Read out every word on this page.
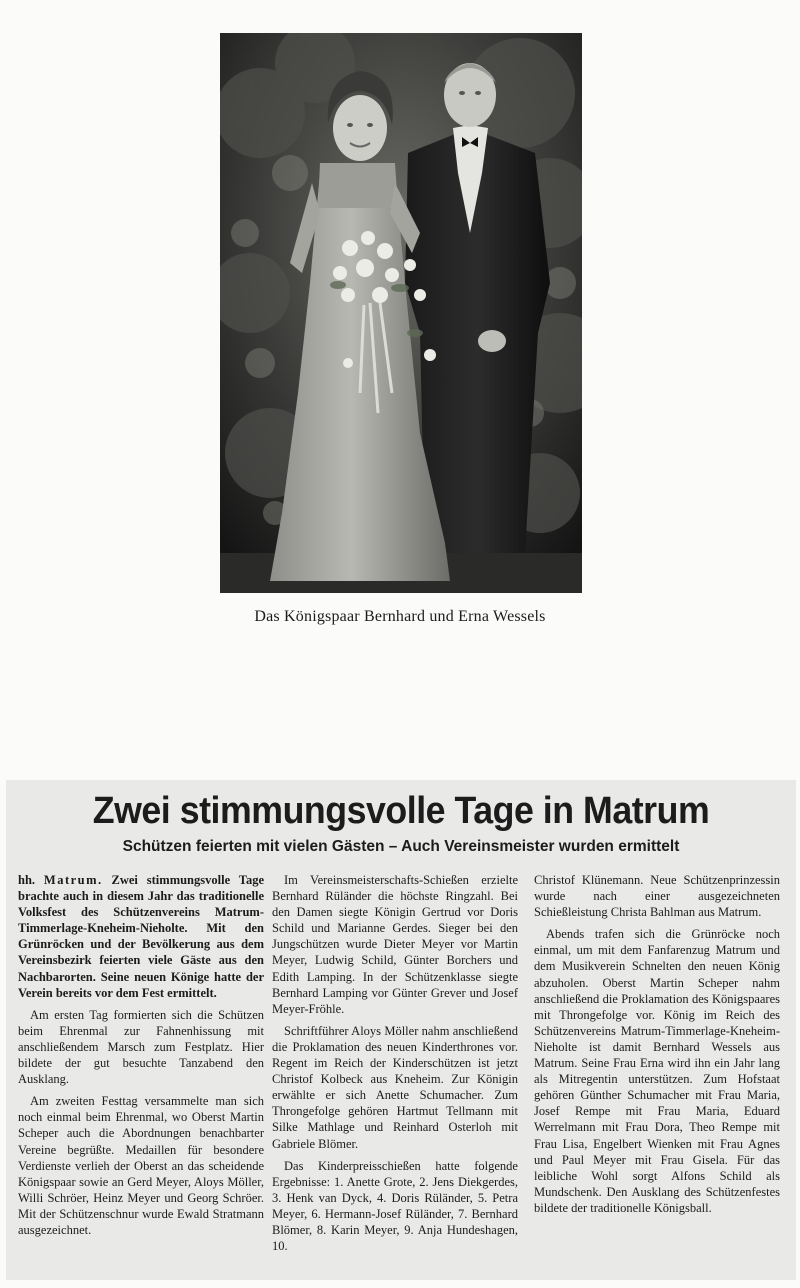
Das Königspaar Bernhard und Erna Wessels
Zwei stimmungsvolle Tage in Matrum
Schützen feierten mit vielen Gästen – Auch Vereinsmeister wurden ermittelt

hh. Matrum. Zwei stimmungsvolle Tage brachte auch in diesem Jahr das traditionelle Volksfest des Schützenvereins Matrum-Timmerlage-Kneheim-Nieholte. Mit den Grünröcken und der Bevölkerung aus dem Vereinsbezirk feierten viele Gäste aus den Nachbarorten. Seine neuen Könige hatte der Verein bereits vor dem Fest ermittelt.

Am ersten Tag formierten sich die Schützen beim Ehrenmal zur Fahnenhissung mit anschließendem Marsch zum Festplatz. Hier bildete der gut besuchte Tanzabend den Ausklang.

Am zweiten Festtag versammelte man sich noch einmal beim Ehrenmal, wo Oberst Martin Scheper auch die Abordnungen benachbarter Vereine begrüßte. Medaillen für besondere Verdienste verlieh der Oberst an das scheidende Königspaar sowie an Gerd Meyer, Aloys Möller, Willi Schröer, Heinz Meyer und Georg Schröer. Mit der Schützenschnur wurde Ewald Stratmann ausgezeichnet.

Im Vereinsmeisterschafts-Schießen erzielte Bernhard Rüländer die höchste Ringzahl. Bei den Damen siegte Königin Gertrud vor Doris Schild und Marianne Gerdes. Sieger bei den Jungschützen wurde Dieter Meyer vor Martin Meyer, Ludwig Schild, Günter Borchers und Edith Lamping. In der Schützenklasse siegte Bernhard Lamping vor Günter Grever und Josef Meyer-Fröhle.

Schriftführer Aloys Möller nahm anschließend die Proklamation des neuen Kinderthrones vor. Regent im Reich der Kinderschützen ist jetzt Christof Kolbeck aus Kneheim. Zur Königin erwählte er sich Anette Schumacher. Zum Throngefolge gehören Hartmut Tellmann mit Silke Mathlage und Reinhard Osterloh mit Gabriele Blömer.

Das Kinderpreisschießen hatte folgende Ergebnisse: 1. Anette Grote, 2. Jens Diekgerdes, 3. Henk van Dyck, 4. Doris Rüländer, 5. Petra Meyer, 6. Hermann-Josef Rüländer, 7. Bernhard Blömer, 8. Karin Meyer, 9. Anja Hundeshagen, 10.

Christof Klünemann. Neue Schützenprinzessin wurde nach einer ausgezeichneten Schießleistung Christa Bahlman aus Matrum.

Abends trafen sich die Grünröcke noch einmal, um mit dem Fanfarenzug Matrum und dem Musikverein Schnelten den neuen König abzuholen. Oberst Martin Scheper nahm anschließend die Proklamation des Königspaares mit Throngefolge vor. König im Reich des Schützenvereins Matrum-Timmerlage-Kneheim-Nieholte ist damit Bernhard Wessels aus Matrum. Seine Frau Erna wird ihn ein Jahr lang als Mitregentin unterstützen. Zum Hofstaat gehören Günther Schumacher mit Frau Maria, Josef Rempe mit Frau Maria, Eduard Werrelmann mit Frau Dora, Theo Rempe mit Frau Lisa, Engelbert Wienken mit Frau Agnes und Paul Meyer mit Frau Gisela. Für das leibliche Wohl sorgt Alfons Schild als Mundschenk. Den Ausklang des Schützenfestes bildete der traditionelle Königsball.
